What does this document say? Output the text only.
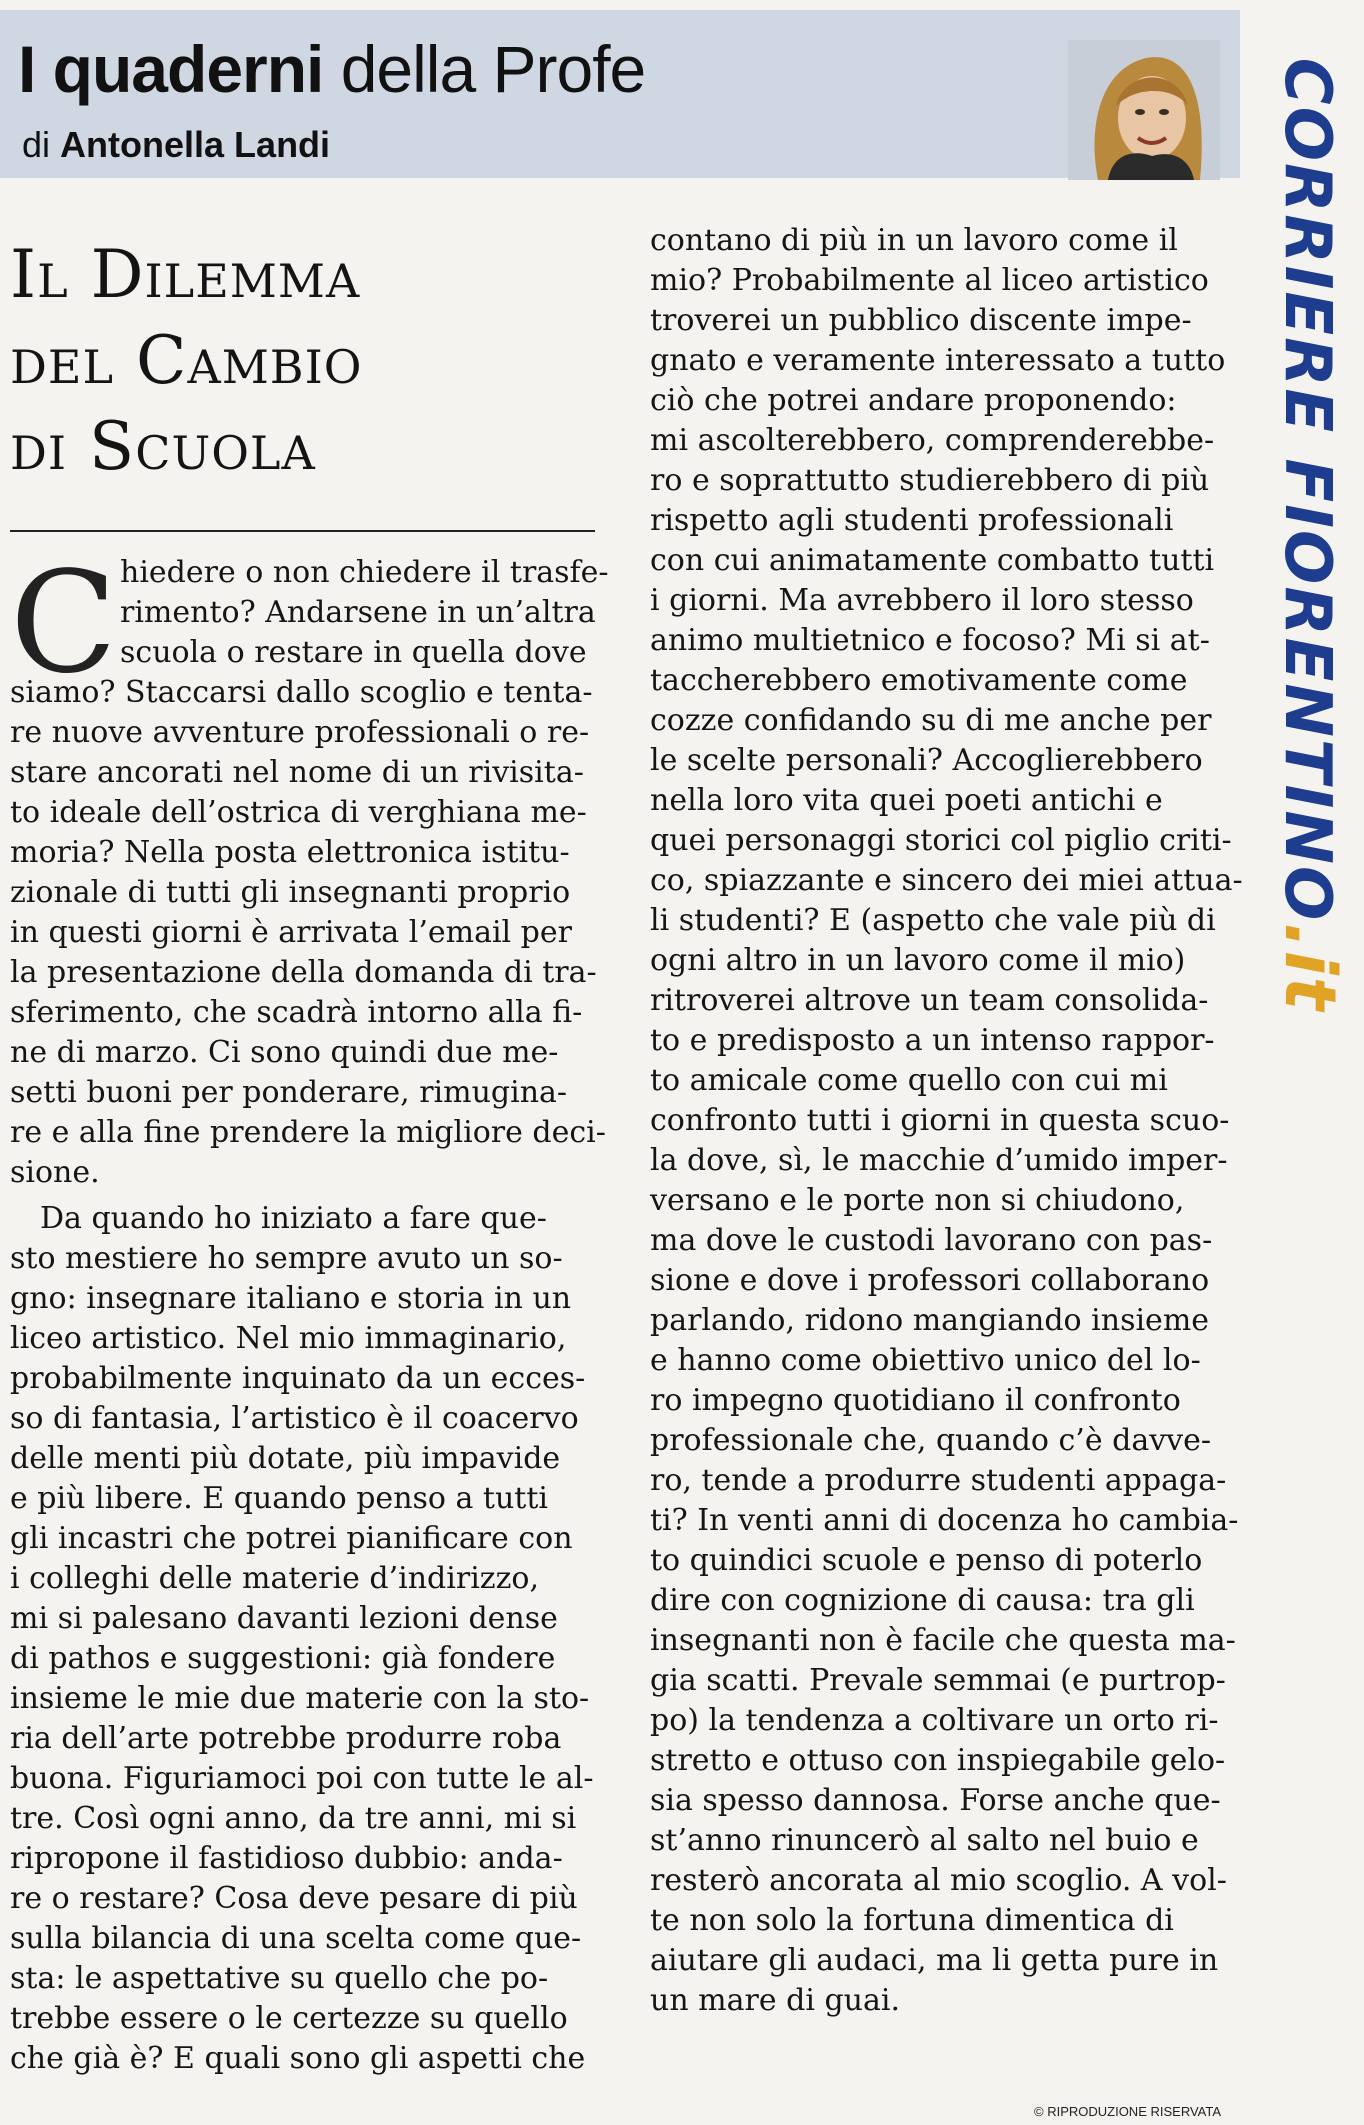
I quaderni della Profe
di Antonella Landi	CORRIERE FIORENTINO.it
Il Dilemma
del Cambio
di Scuola
C hiedere o non chiedere il trasfe-
rimento? Andarsene in un’altra
scuola o restare in quella dove
siamo? Staccarsi dallo scoglio e tenta-
re nuove avventure professionali o re-
stare ancorati nel nome di un rivisita-
to ideale dell’ostrica di verghiana me-
moria? Nella posta elettronica istitu-
zionale di tutti gli insegnanti proprio
in questi giorni è arrivata l’email per
la presentazione della domanda di tra-
sferimento, che scadrà intorno alla fi-
ne di marzo. Ci sono quindi due me-
setti buoni per ponderare, rimugina-
re e alla fine prendere la migliore deci-
sione.
Da quando ho iniziato a fare que-
sto mestiere ho sempre avuto un so-
gno: insegnare italiano e storia in un
liceo artistico. Nel mio immaginario,
probabilmente inquinato da un ecces-
so di fantasia, l’artistico è il coacervo
delle menti più dotate, più impavide
e più libere. E quando penso a tutti
gli incastri che potrei pianificare con
i colleghi delle materie d’indirizzo,
mi si palesano davanti lezioni dense
di pathos e suggestioni: già fondere
insieme le mie due materie con la sto-
ria dell’arte potrebbe produrre roba
buona. Figuriamoci poi con tutte le al-
tre. Così ogni anno, da tre anni, mi si
ripropone il fastidioso dubbio: anda-
re o restare? Cosa deve pesare di più
sulla bilancia di una scelta come que-
sta: le aspettative su quello che po-
trebbe essere o le certezze su quello
che già è? E quali sono gli aspetti che
contano di più in un lavoro come il
mio? Probabilmente al liceo artistico
troverei un pubblico discente impe-
gnato e veramente interessato a tutto
ciò che potrei andare proponendo:
mi ascolterebbero, comprenderebbe-
ro e soprattutto studierebbero di più
rispetto agli studenti professionali
con cui animatamente combatto tutti
i giorni. Ma avrebbero il loro stesso
animo multietnico e focoso? Mi si at-
taccherebbero emotivamente come
cozze confidando su di me anche per
le scelte personali? Accoglierebbero
nella loro vita quei poeti antichi e
quei personaggi storici col piglio criti-
co, spiazzante e sincero dei miei attua-
li studenti? E (aspetto che vale più di
ogni altro in un lavoro come il mio)
ritroverei altrove un team consolida-
to e predisposto a un intenso rappor-
to amicale come quello con cui mi
confronto tutti i giorni in questa scuo-
la dove, sì, le macchie d’umido imper-
versano e le porte non si chiudono,
ma dove le custodi lavorano con pas-
sione e dove i professori collaborano
parlando, ridono mangiando insieme
e hanno come obiettivo unico del lo-
ro impegno quotidiano il confronto
professionale che, quando c’è davve-
ro, tende a produrre studenti appaga-
ti? In venti anni di docenza ho cambia-
to quindici scuole e penso di poterlo
dire con cognizione di causa: tra gli
insegnanti non è facile che questa ma-
gia scatti. Prevale semmai (e purtrop-
po) la tendenza a coltivare un orto ri-
stretto e ottuso con inspiegabile gelo-
sia spesso dannosa. Forse anche que-
st’anno rinuncerò al salto nel buio e
resterò ancorata al mio scoglio. A vol-
te non solo la fortuna dimentica di
aiutare gli audaci, ma li getta pure in
un mare di guai.
© RIPRODUZIONE RISERVATA
